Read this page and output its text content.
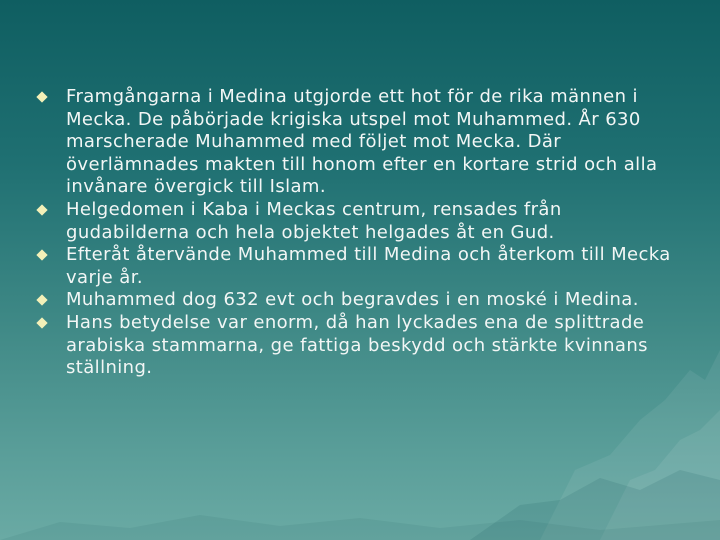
Framgångarna i Medina utgjorde ett hot för de rika männen i Mecka. De påbörjade krigiska utspel mot Muhammed. År 630 marscherade Muhammed med följet mot Mecka. Där överlämnades makten till honom efter en kortare strid och alla invånare övergick till Islam.
Helgedomen i Kaba i Meckas centrum, rensades från gudabilderna och hela objektet helgades åt en Gud.
Efteråt återvände Muhammed till Medina och återkom till Mecka varje år.
Muhammed dog 632 evt och begravdes i en moské i Medina.
Hans betydelse var enorm, då han lyckades ena de splittrade arabiska stammarna, ge fattiga beskydd och stärkte kvinnans ställning.
